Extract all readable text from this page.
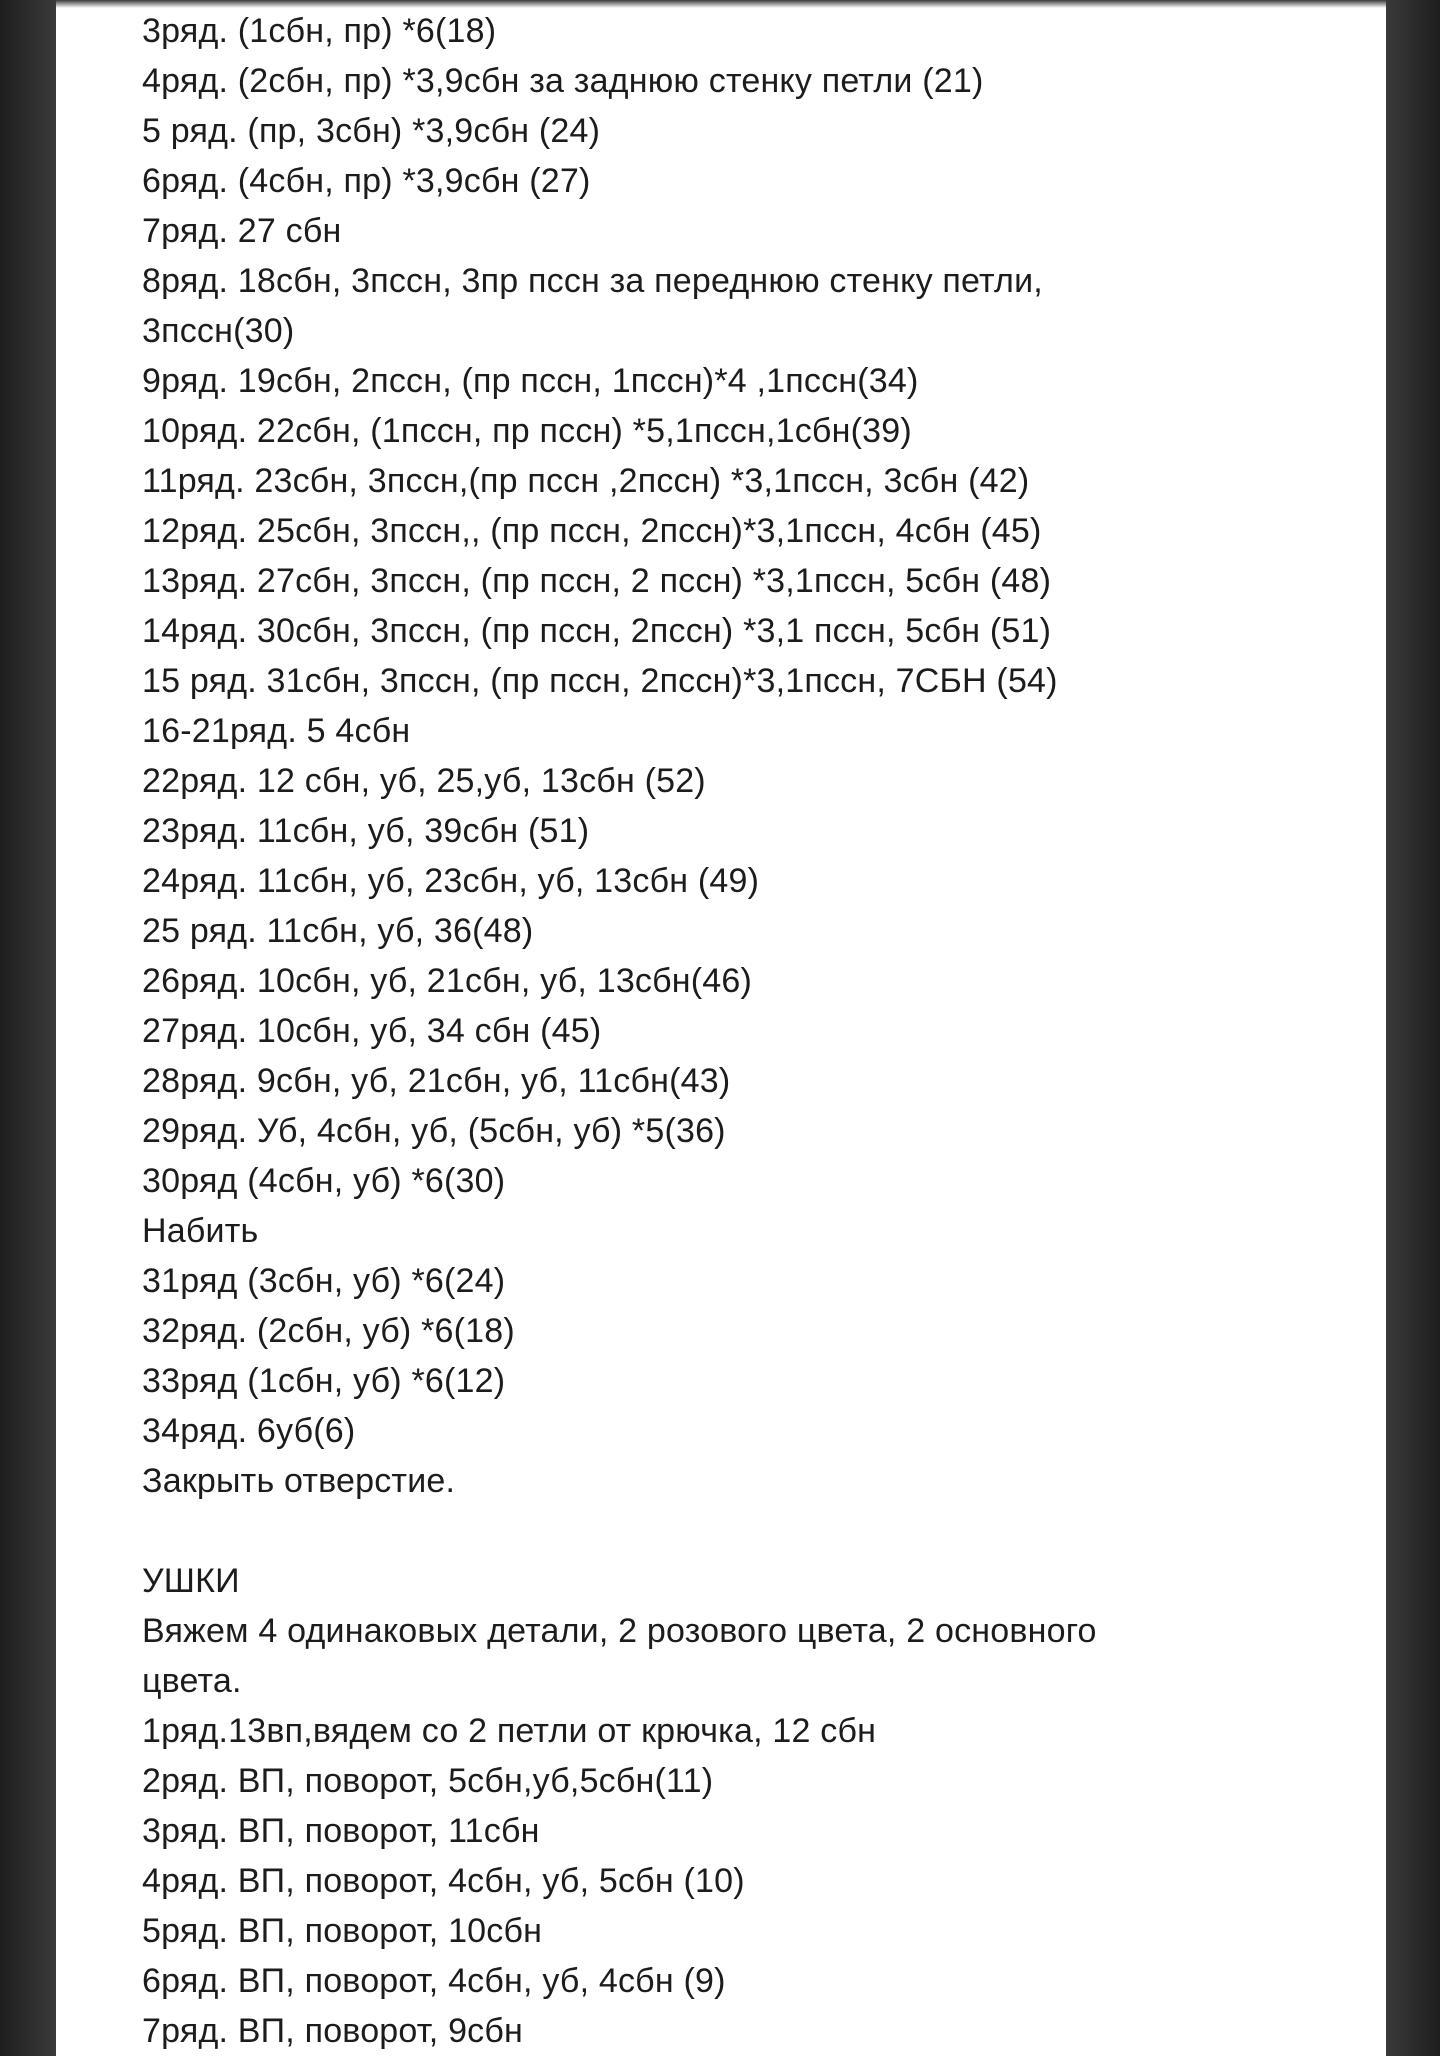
3ряд. (1сбн, пр) *6(18)
4ряд. (2сбн, пр) *3,9сбн за заднюю стенку петли (21)
5 ряд. (пр, 3сбн) *3,9сбн (24)
6ряд. (4сбн, пр) *3,9сбн (27)
7ряд. 27 сбн
8ряд. 18сбн, 3пссн, 3пр пссн за переднюю стенку петли,
3пссн(30)
9ряд. 19сбн, 2пссн, (пр пссн, 1пссн)*4 ,1пссн(34)
10ряд. 22сбн, (1пссн, пр пссн) *5,1пссн,1сбн(39)
11ряд. 23сбн, 3пссн,(пр пссн ,2пссн) *3,1пссн, 3сбн (42)
12ряд. 25сбн, 3пссн,, (пр пссн, 2пссн)*3,1пссн, 4сбн (45)
13ряд. 27сбн, 3пссн, (пр пссн, 2 пссн) *3,1пссн, 5сбн (48)
14ряд. 30сбн, 3пссн, (пр пссн, 2пссн) *3,1 пссн, 5сбн (51)
15 ряд. 31сбн, 3пссн, (пр пссн, 2пссн)*3,1пссн, 7СБН (54)
16-21ряд. 5 4сбн
22ряд. 12 сбн, уб, 25,уб, 13сбн (52)
23ряд. 11сбн, уб, 39сбн (51)
24ряд. 11сбн, уб, 23сбн, уб, 13сбн (49)
25 ряд. 11сбн, уб, 36(48)
26ряд. 10сбн, уб, 21сбн, уб, 13сбн(46)
27ряд. 10сбн, уб, 34 сбн (45)
28ряд. 9сбн, уб, 21сбн, уб, 11сбн(43)
29ряд. Уб, 4сбн, уб, (5сбн, уб) *5(36)
30ряд (4сбн, уб) *6(30)
Набить
31ряд (3сбн, уб) *6(24)
32ряд. (2сбн, уб) *6(18)
33ряд (1сбн, уб) *6(12)
34ряд. 6уб(6)
Закрыть отверстие.
УШКИ
Вяжем 4 одинаковых детали, 2 розового цвета, 2 основного
цвета.
1ряд.13вп,вядем со 2 петли от крючка, 12 сбн
2ряд. ВП, поворот, 5сбн,уб,5сбн(11)
3ряд. ВП, поворот, 11сбн
4ряд. ВП, поворот, 4сбн, уб, 5сбн (10)
5ряд. ВП, поворот, 10сбн
6ряд. ВП, поворот, 4сбн, уб, 4сбн (9)
7ряд. ВП, поворот, 9сбн
